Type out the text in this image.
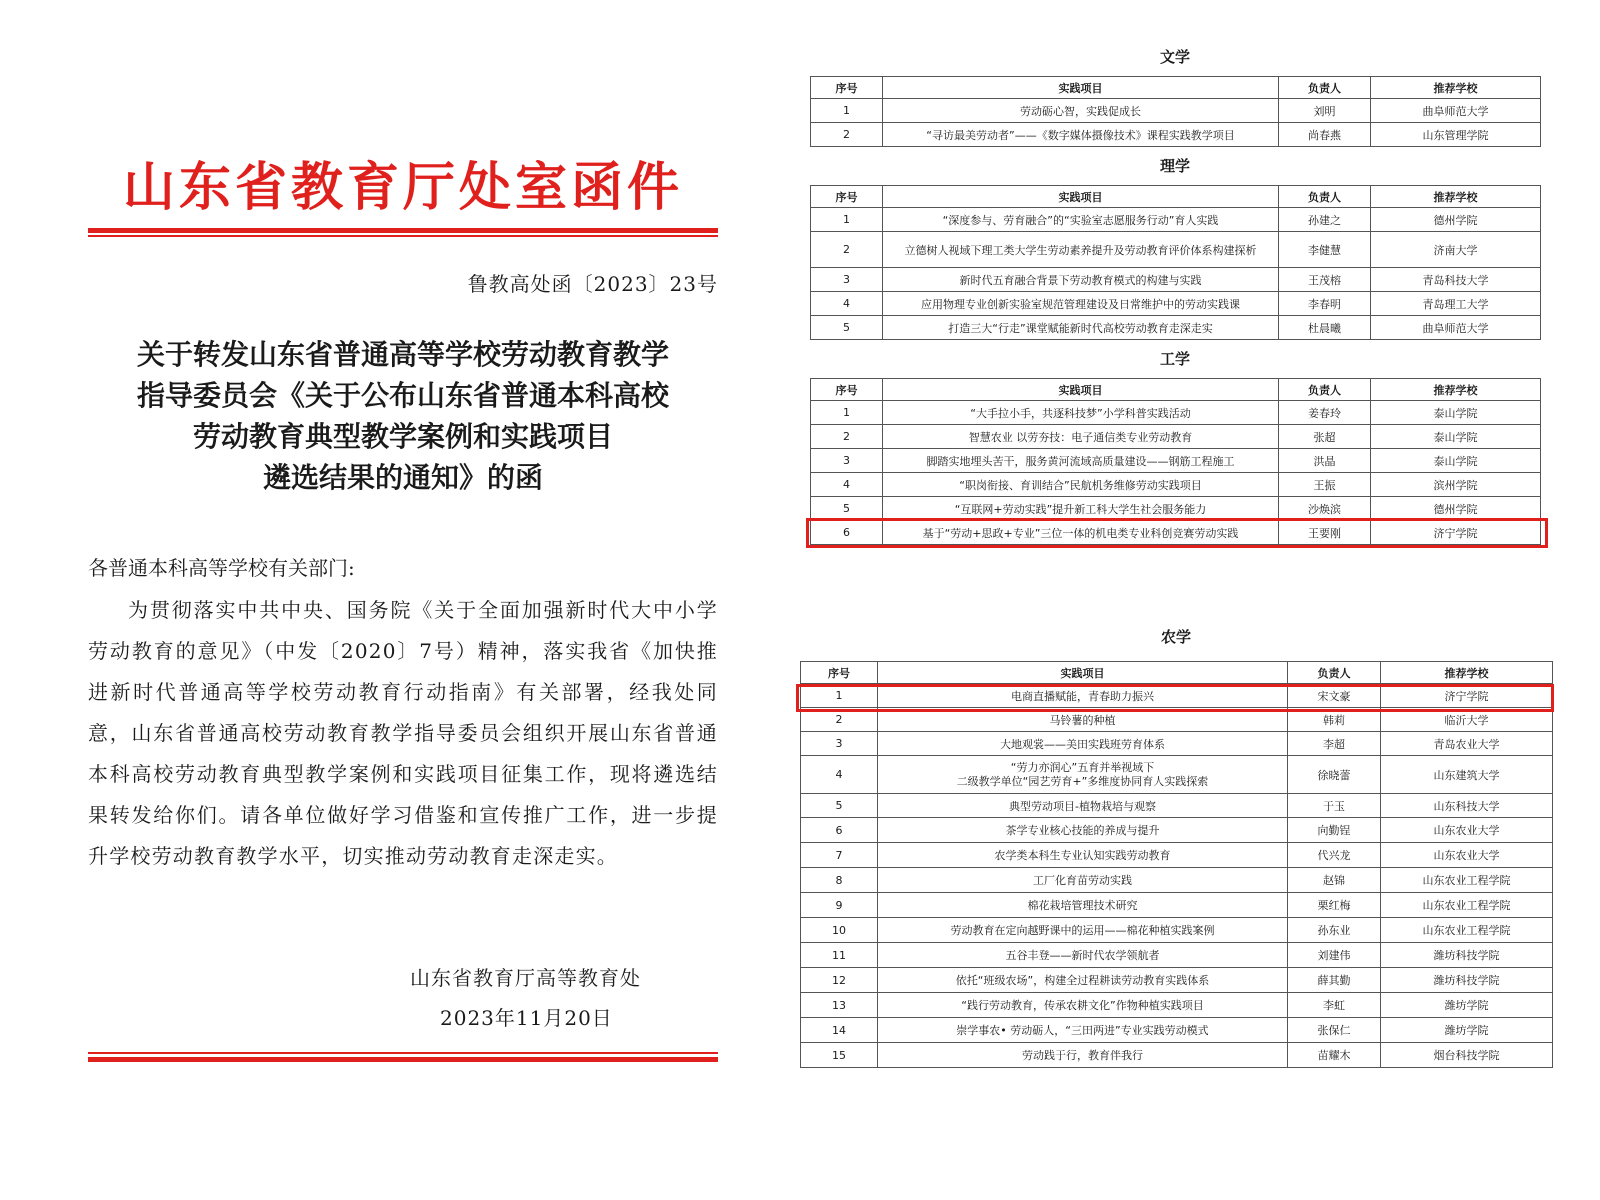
山东省教育厅处室函件
鲁教高处函〔2023〕23号
关于转发山东省普通高等学校劳动教育教学
指导委员会《关于公布山东省普通本科高校
劳动教育典型教学案例和实践项目
遴选结果的通知》的函
各普通本科高等学校有关部门:
为贯彻落实中共中央、国务院《关于全面加强新时代大中小学劳动教育的意见》（中发〔2020〕7号）精神，落实我省《加快推进新时代普通高等学校劳动教育行动指南》有关部署，经我处同意，山东省普通高校劳动教育教学指导委员会组织开展山东省普通本科高校劳动教育典型教学案例和实践项目征集工作，现将遴选结果转发给你们。请各单位做好学习借鉴和宣传推广工作，进一步提升学校劳动教育教学水平，切实推动劳动教育走深走实。
山东省教育厅高等教育处
2023年11月20日
文学
序号	实践项目	负责人	推荐学校
1	劳动砺心智，实践促成长	刘明	曲阜师范大学
2	“寻访最美劳动者”——《数字媒体摄像技术》课程实践教学项目	尚春燕	山东管理学院
理学
序号	实践项目	负责人	推荐学校
1	“深度参与、劳育融合”的“实验室志愿服务行动”育人实践	孙建之	德州学院
2	立德树人视域下理工类大学生劳动素养提升及劳动教育评价体系构建探析	李健慧	济南大学
3	新时代五育融合背景下劳动教育模式的构建与实践	王茂榕	青岛科技大学
4	应用物理专业创新实验室规范管理建设及日常维护中的劳动实践课	李春明	青岛理工大学
5	打造三大“行走”课堂赋能新时代高校劳动教育走深走实	杜晨曦	曲阜师范大学
工学
序号	实践项目	负责人	推荐学校
1	“大手拉小手，共逐科技梦”小学科普实践活动	姜春玲	泰山学院
2	智慧农业 以劳夯技：电子通信类专业劳动教育	张超	泰山学院
3	脚踏实地埋头苦干，服务黄河流域高质量建设——钢筋工程施工	洪晶	泰山学院
4	“职岗衔接、育训结合”民航机务维修劳动实践项目	王振	滨州学院
5	“互联网+劳动实践”提升新工科大学生社会服务能力	沙焕滨	德州学院
6	基于“劳动+思政+专业”三位一体的机电类专业科创竞赛劳动实践	王要刚	济宁学院
农学
序号	实践项目	负责人	推荐学校
1	电商直播赋能，青春助力振兴	宋文豪	济宁学院
2	马铃薯的种植	韩莉	临沂大学
3	大地观裳——美田实践班劳育体系	李超	青岛农业大学
4	“劳力亦润心”五育并举视域下
二级教学单位“园艺劳育+”多维度协同育人实践探索	徐晓蕾	山东建筑大学
5	典型劳动项目-植物栽培与观察	于玉	山东科技大学
6	茶学专业核心技能的养成与提升	向勤锃	山东农业大学
7	农学类本科生专业认知实践劳动教育	代兴龙	山东农业大学
8	工厂化育苗劳动实践	赵锦	山东农业工程学院
9	棉花栽培管理技术研究	栗红梅	山东农业工程学院
10	劳动教育在定向越野课中的运用——棉花种植实践案例	孙东业	山东农业工程学院
11	五谷丰登——新时代农学领航者	刘建伟	潍坊科技学院
12	依托“班级农场”，构建全过程耕读劳动教育实践体系	薛其勤	潍坊科技学院
13	“践行劳动教育，传承农耕文化”作物种植实践项目	李虹	潍坊学院
14	崇学事农• 劳动砺人，“三田两进”专业实践劳动模式	张保仁	潍坊学院
15	劳动践于行，教育伴我行	苗耀木	烟台科技学院
